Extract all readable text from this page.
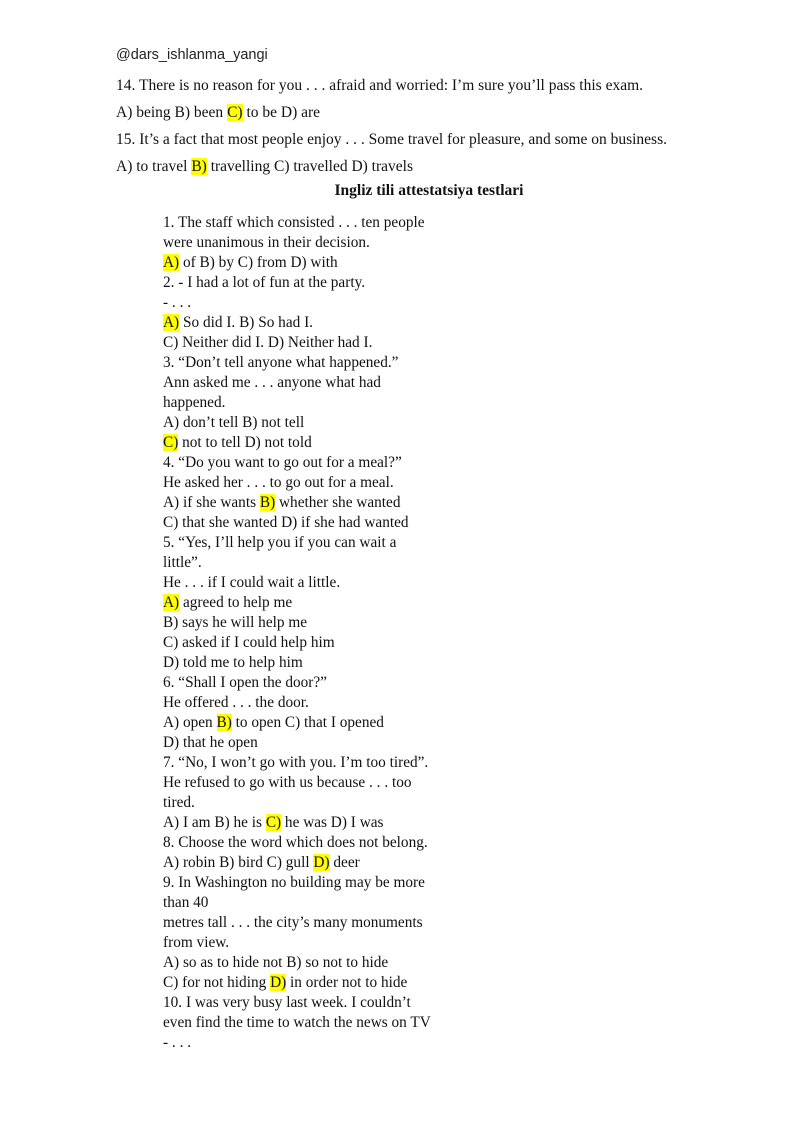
@dars_ishlanma_yangi
14. There is no reason for you . . . afraid and worried: I’m sure you’ll pass this exam.
A) being B) been C) to be D) are
15. It’s a fact that most people enjoy . . . Some travel for pleasure, and some on business.
A) to travel B) travelling C) travelled D) travels
Ingliz tili attestatsiya testlari
1. The staff which consisted . . . ten people
were unanimous in their decision.
A) of B) by C) from D) with
2. - I had a lot of fun at the party.
- . . .
A) So did I. B) So had I.
C) Neither did I. D) Neither had I.
3. “Don’t tell anyone what happened.”
Ann asked me . . . anyone what had
happened.
A) don’t tell B) not tell
C) not to tell D) not told
4. “Do you want to go out for a meal?”
He asked her . . . to go out for a meal.
A) if she wants B) whether she wanted
C) that she wanted D) if she had wanted
5. “Yes, I’ll help you if you can wait a
little”.
He . . . if I could wait a little.
A) agreed to help me
B) says he will help me
C) asked if I could help him
D) told me to help him
6. “Shall I open the door?”
He offered . . . the door.
A) open B) to open C) that I opened
D) that he open
7. “No, I won’t go with you. I’m too tired”.
He refused to go with us because . . . too
tired.
A) I am B) he is C) he was D) I was
8. Choose the word which does not belong.
A) robin B) bird C) gull D) deer
9. In Washington no building may be more
than 40
metres tall . . . the city’s many monuments
from view.
A) so as to hide not B) so not to hide
C) for not hiding D) in order not to hide
10. I was very busy last week. I couldn’t
even find the time to watch the news on TV
- . . .
